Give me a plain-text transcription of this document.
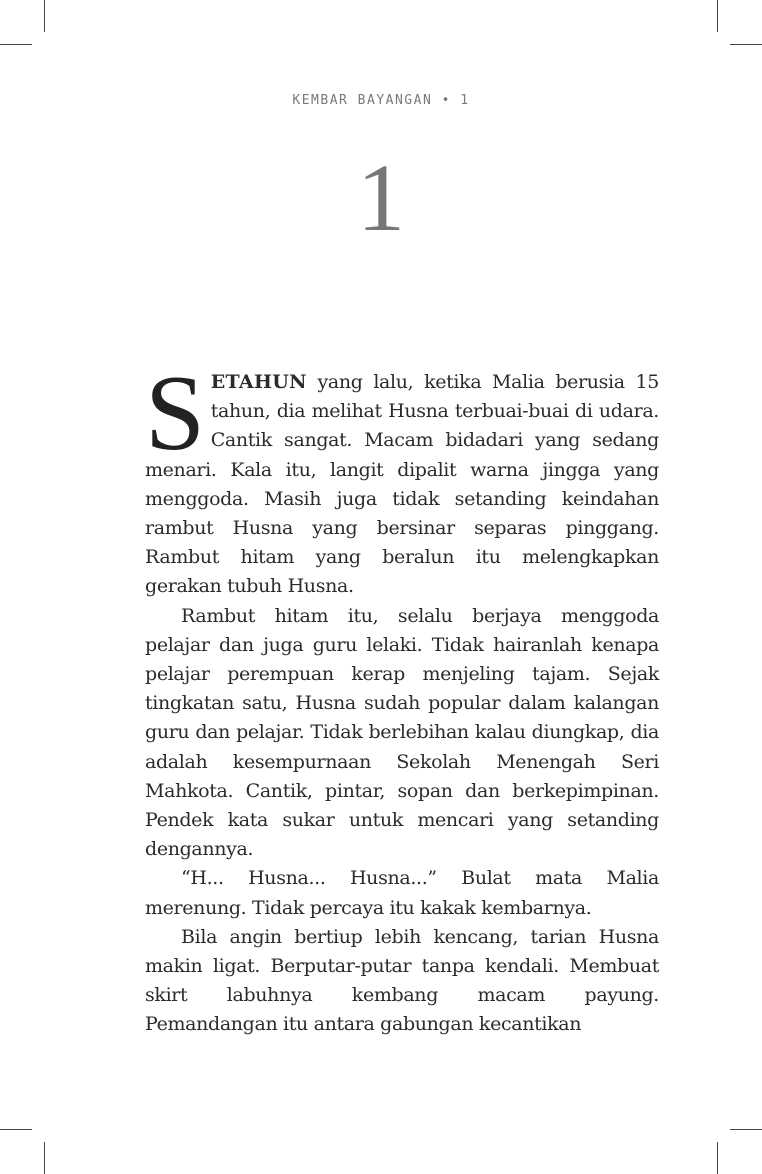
KEMBAR BAYANGAN • 1
1

SETAHUN yang lalu, ketika Malia berusia 15 tahun, dia melihat Husna terbuai-buai di udara. Cantik sangat. Macam bidadari yang sedang menari. Kala itu, langit dipalit warna jingga yang menggoda. Masih juga tidak setanding keindahan rambut Husna yang bersinar separas pinggang. Rambut hitam yang beralun itu melengkapkan gerakan tubuh Husna.

Rambut hitam itu, selalu berjaya menggoda pelajar dan juga guru lelaki. Tidak hairanlah kenapa pelajar perempuan kerap menjeling tajam. Sejak tingkatan satu, Husna sudah popular dalam kalangan guru dan pelajar. Tidak berlebihan kalau diungkap, dia adalah kesempurnaan Sekolah Menengah Seri Mahkota. Cantik, pintar, sopan dan berkepimpinan. Pendek kata sukar untuk mencari yang setanding dengannya.

“H... Husna... Husna...” Bulat mata Malia merenung. Tidak percaya itu kakak kembarnya.

Bila angin bertiup lebih kencang, tarian Husna makin ligat. Berputar-putar tanpa kendali. Membuat skirt labuhnya kembang macam payung. Pemandangan itu antara gabungan kecantikan
